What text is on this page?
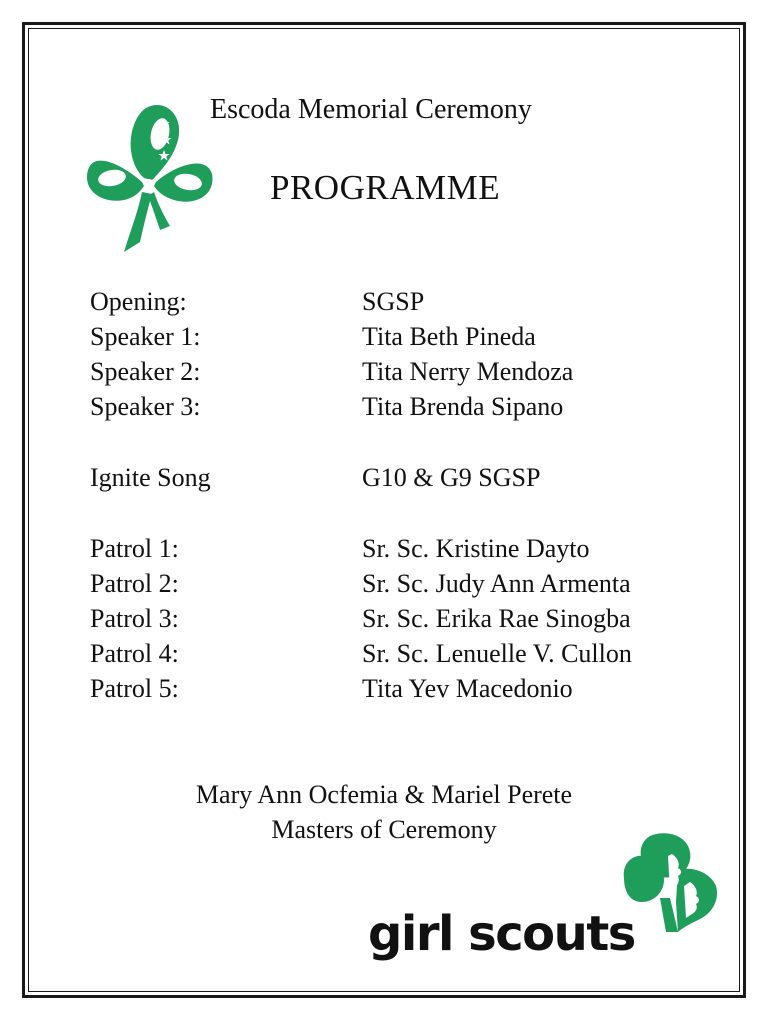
Escoda Memorial Ceremony
PROGRAMME
Opening:	SGSP
Speaker 1:	Tita Beth Pineda
Speaker 2:	Tita Nerry Mendoza
Speaker 3:	Tita Brenda Sipano
Ignite Song	G10 & G9 SGSP
Patrol 1:	Sr. Sc. Kristine Dayto
Patrol 2:	Sr. Sc. Judy Ann Armenta
Patrol 3:	Sr. Sc. Erika Rae Sinogba
Patrol 4:	Sr. Sc. Lenuelle V. Cullon
Patrol 5:	Tita Yev Macedonio
Mary Ann Ocfemia & Mariel Perete
Masters of Ceremony
girl scouts
